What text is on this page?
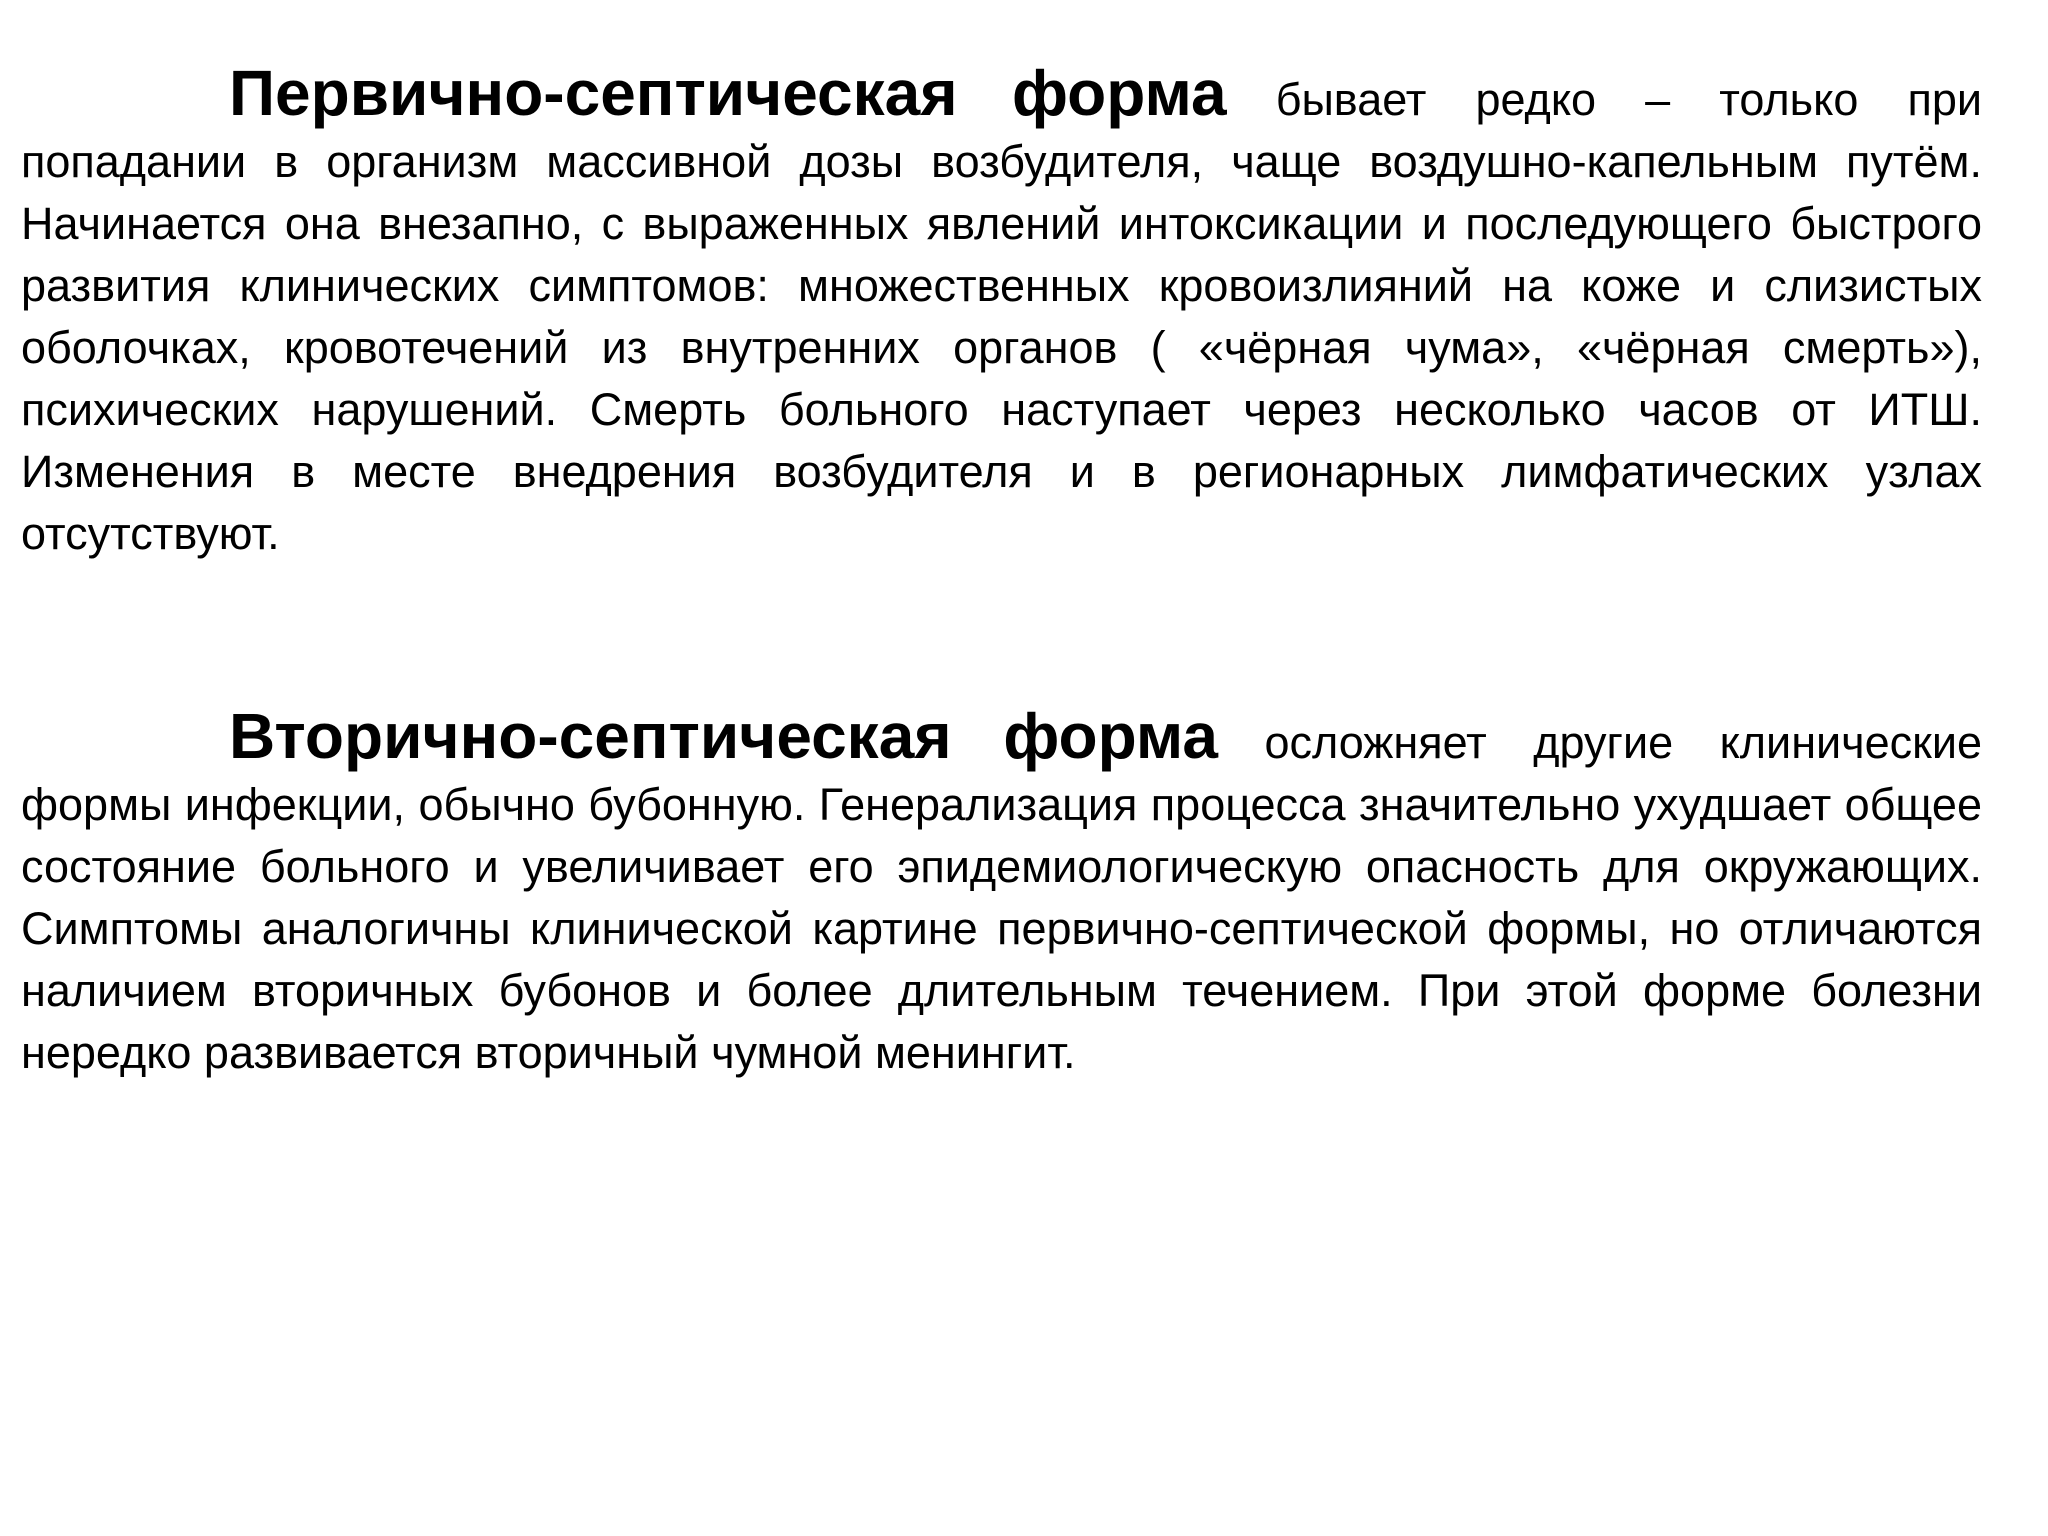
Первично-септическая форма бывает редко – только при попадании в организм массивной дозы возбудителя, чаще воздушно-капельным путём. Начинается она внезапно, с выраженных явлений интоксикации и последующего быстрого развития клинических симптомов: множественных кровоизлияний на коже и слизистых оболочках, кровотечений из внутренних органов ( «чёрная чума», «чёрная смерть»), психических нарушений. Смерть больного наступает через несколько часов от ИТШ. Изменения в месте внедрения возбудителя и в регионарных лимфатических узлах отсутствуют.

Вторично-септическая форма осложняет другие клинические формы инфекции, обычно бубонную. Генерализация процесса значительно ухудшает общее состояние больного и увеличивает его эпидемиологическую опасность для окружающих. Симптомы аналогичны клинической картине первично-септической формы, но отличаются наличием вторичных бубонов и более длительным течением. При этой форме болезни нередко развивается вторичный чумной менингит.
